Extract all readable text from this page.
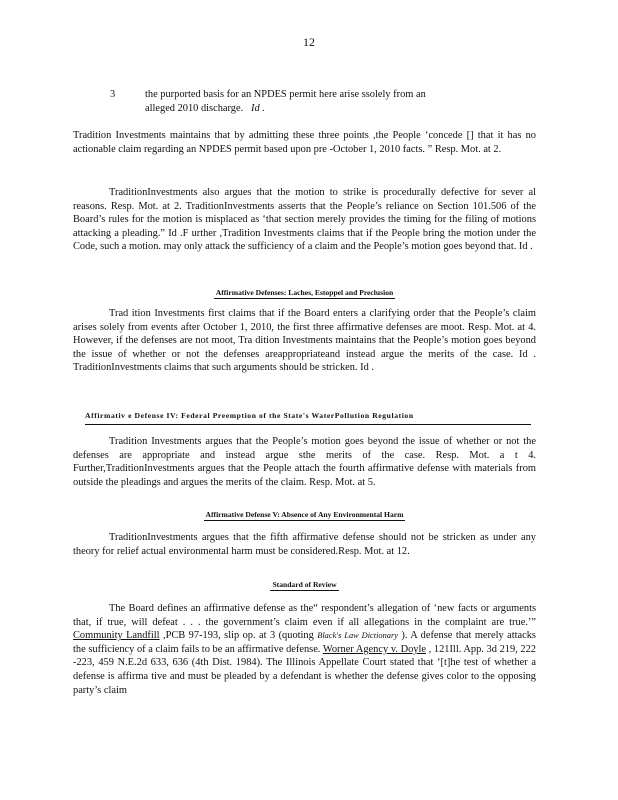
12
3	the purported basis for an NPDES permit here arise ssolely from an
alleged 2010 discharge. Id .

Tradition Investments maintains that by admitting these three points ,the People ‘concede [] that it has no actionable claim regarding an NPDES permit based upon pre -October 1, 2010 facts. ” Resp. Mot. at 2.

TraditionInvestments also argues that the motion to strike is procedurally defective for sever al reasons. Resp. Mot. at 2. TraditionInvestments asserts that the People’s reliance on Section 101.506 of the Board’s rules for the motion is misplaced as ‘that section merely provides the timing for the filing of motions attacking a pleading.” Id .F urther ,Tradition Investments claims that if the People bring the motion under the Code, such a motion. may only attack the sufficiency of a claim and the People’s motion goes beyond that. Id .

Affirmative Defenses: Laches, Estoppel and Preclusion

Trad ition Investments first claims that if the Board enters a clarifying order that the People’s claim arises solely from events after October 1, 2010, the first three affirmative defenses are moot. Resp. Mot. at 4. However, if the defenses are not moot, Tra dition Investments maintains that the People’s motion goes beyond the issue of whether or not the defenses areappropriateand instead argue the merits of the case. Id . TraditionInvestments claims that such arguments should be stricken. Id .

Affirmativ e Defense IV: Federal Preemption of the State's WaterPollution Regulation

Tradition Investments argues that the People’s motion goes beyond the issue of whether or not the defenses are appropriate and instead argue sthe merits of the case. Resp. Mot. a t 4. Further,TraditionInvestments argues that the People attach the fourth affirmative defense with materials from outside the pleadings and argues the merits of the claim. Resp. Mot. at 5.

Affirmative Defense V: Absence of Any Environmental Harm

TraditionInvestments argues that the fifth affirmative defense should not be stricken as under any theory for relief actual environmental harm must be considered.Resp. Mot. at 12.

Standard of Review

The Board defines an affirmative defense as the“ respondent’s allegation of ‘new facts or arguments that, if true, will defeat . . . the government’s claim even if all allegations in the complaint are true.’” Community Landfill ,PCB 97-193, slip op. at 3 (quoting Black's Law Dictionary ). A defense that merely attacks the sufficiency of a claim fails to be an affirmative defense. Worner Agency v. Doyle , 121Ill. App. 3d 219, 222 -223, 459 N.E.2d 633, 636 (4th Dist. 1984). The Illinois Appellate Court stated that ‘[t]he test of whether a defense is affirma tive and must be pleaded by a defendant is whether the defense gives color to the opposing party’s claim
